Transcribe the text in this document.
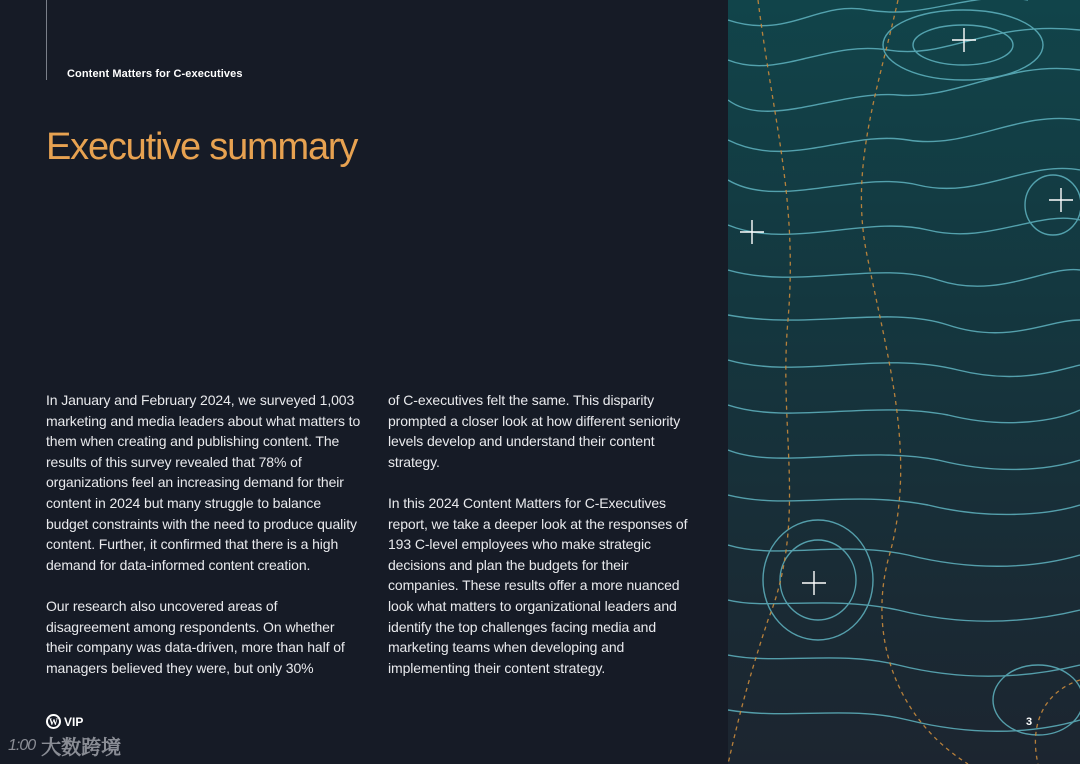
Content Matters for C-executives
Executive summary

In January and February 2024, we surveyed 1,003 marketing and media leaders about what matters to them when creating and publishing content. The results of this survey revealed that 78% of organizations feel an increasing demand for their content in 2024 but many struggle to balance budget constraints with the need to produce quality content. Further, it confirmed that there is a high demand for data-informed content creation.

Our research also uncovered areas of disagreement among respondents. On whether their company was data-driven, more than half of managers believed they were, but only 30%

of C-executives felt the same. This disparity prompted a closer look at how different seniority levels develop and understand their content strategy.

In this 2024 Content Matters for C-Executives report, we take a deeper look at the responses of 193 C-level employees who make strategic decisions and plan the budgets for their companies. These results offer a more nuanced look what matters to organizational leaders and identify the top challenges facing media and marketing teams when developing and implementing their content strategy.

W VIP
1:00 大数跨境
3
